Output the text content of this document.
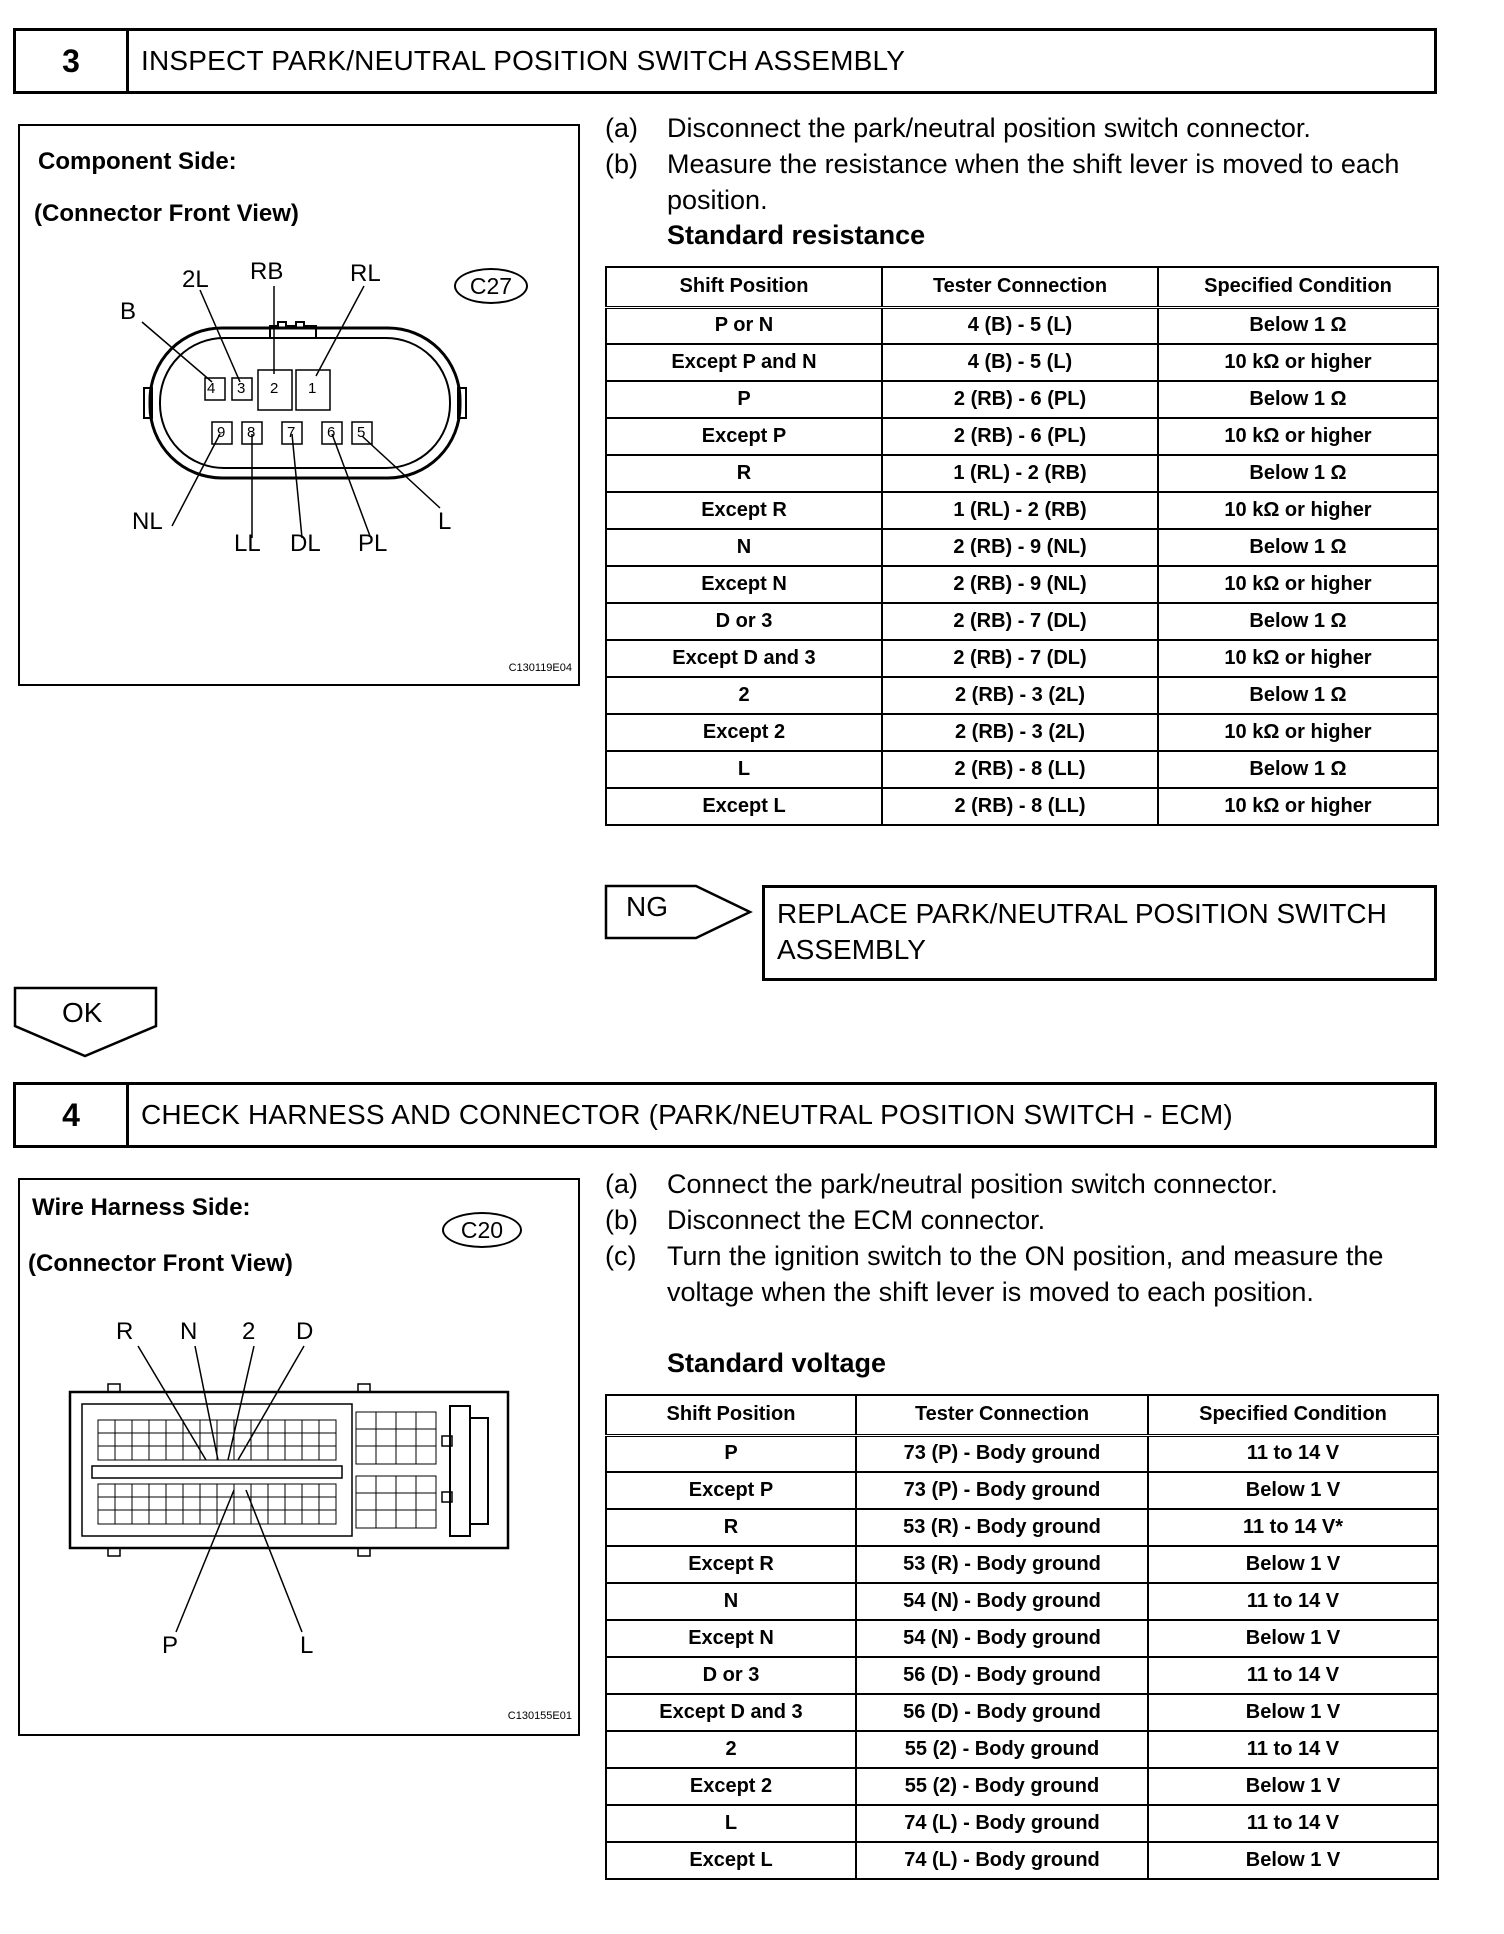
3	INSPECT PARK/NEUTRAL POSITION SWITCH ASSEMBLY
Component Side:
(Connector Front View)
C27
4 3 2 1
9 8 7 6 5
B
2L RB	RL
NL
LL DL PL
L
C130119E04
(a)	Disconnect the park/neutral position switch connector.
(b)	Measure the resistance when the shift lever is moved to each position.
Standard resistance
Shift Position	Tester Connection	Specified Condition
P or N	4 (B) - 5 (L)	Below 1 Ω
Except P and N	4 (B) - 5 (L)	10 kΩ or higher
P	2 (RB) - 6 (PL)	Below 1 Ω
Except P	2 (RB) - 6 (PL)	10 kΩ or higher
R	1 (RL) - 2 (RB)	Below 1 Ω
Except R	1 (RL) - 2 (RB)	10 kΩ or higher
N	2 (RB) - 9 (NL)	Below 1 Ω
Except N	2 (RB) - 9 (NL)	10 kΩ or higher
D or 3	2 (RB) - 7 (DL)	Below 1 Ω
Except D and 3	2 (RB) - 7 (DL)	10 kΩ or higher
2	2 (RB) - 3 (2L)	Below 1 Ω
Except 2	2 (RB) - 3 (2L)	10 kΩ or higher
L	2 (RB) - 8 (LL)	Below 1 Ω
Except L	2 (RB) - 8 (LL)	10 kΩ or higher
NG	REPLACE PARK/NEUTRAL POSITION SWITCH ASSEMBLY
OK
4	CHECK HARNESS AND CONNECTOR (PARK/NEUTRAL POSITION SWITCH - ECM)
Wire Harness Side:
(Connector Front View)
C20
R N 2 D
P	L
C130155E01
(a)	Connect the park/neutral position switch connector.
(b)	Disconnect the ECM connector.
(c)	Turn the ignition switch to the ON position, and measure the voltage when the shift lever is moved to each position.
Standard voltage
Shift Position	Tester Connection	Specified Condition
P	73 (P) - Body ground	11 to 14 V
Except P	73 (P) - Body ground	Below 1 V
R	53 (R) - Body ground	11 to 14 V*
Except R	53 (R) - Body ground	Below 1 V
N	54 (N) - Body ground	11 to 14 V
Except N	54 (N) - Body ground	Below 1 V
D or 3	56 (D) - Body ground	11 to 14 V
Except D and 3	56 (D) - Body ground	Below 1 V
2	55 (2) - Body ground	11 to 14 V
Except 2	55 (2) - Body ground	Below 1 V
L	74 (L) - Body ground	11 to 14 V
Except L	74 (L) - Body ground	Below 1 V
